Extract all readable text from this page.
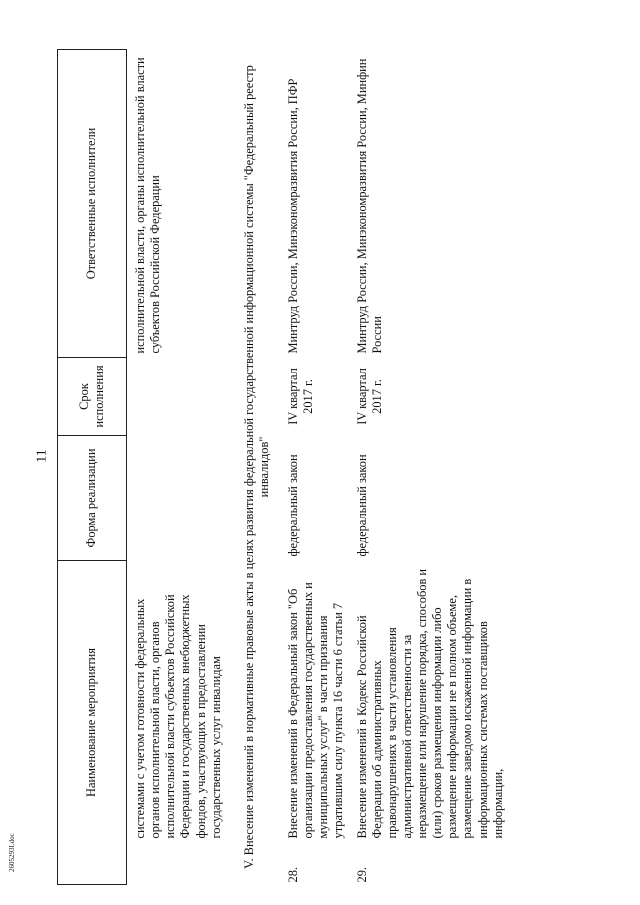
11
2605293I.doc
Наименование мероприятия		Форма реализации	Срок исполнения	Ответственные исполнители
	системами с учетом готовности федеральных органов исполнительной власти, органов исполнительной власти субъектов Российской Федерации и государственных внебюджетных фондов, участвующих в предоставлении государственных услуг инвалидам			исполнительной власти, органы исполнительной власти субъектов Российской Федерации
V. Внесение изменений в нормативные правовые акты в целях развития федеральной государственной информационной системы "Федеральный реестр инвалидов"				
28.	Внесение изменений в Федеральный закон "Об организации предоставления государственных и муниципальных услуг" в части признания утратившим силу пункта 16 части 6 статьи 7	федеральный закон	IV квартал 2017 г.	Минтруд России, Минэкономразвития России, ПФР
29.	Внесение изменений в Кодекс Российской Федерации об административных правонарушениях в части установления административной ответственности за неразмещение или нарушение порядка, способов и (или) сроков размещения информации либо размещение информации не в полном объеме, размещение заведомо искаженной информации в информационных системах поставщиков информации,	федеральный закон	IV квартал 2017 г.	Минтруд России, Минэкономразвития России, Минфин России
